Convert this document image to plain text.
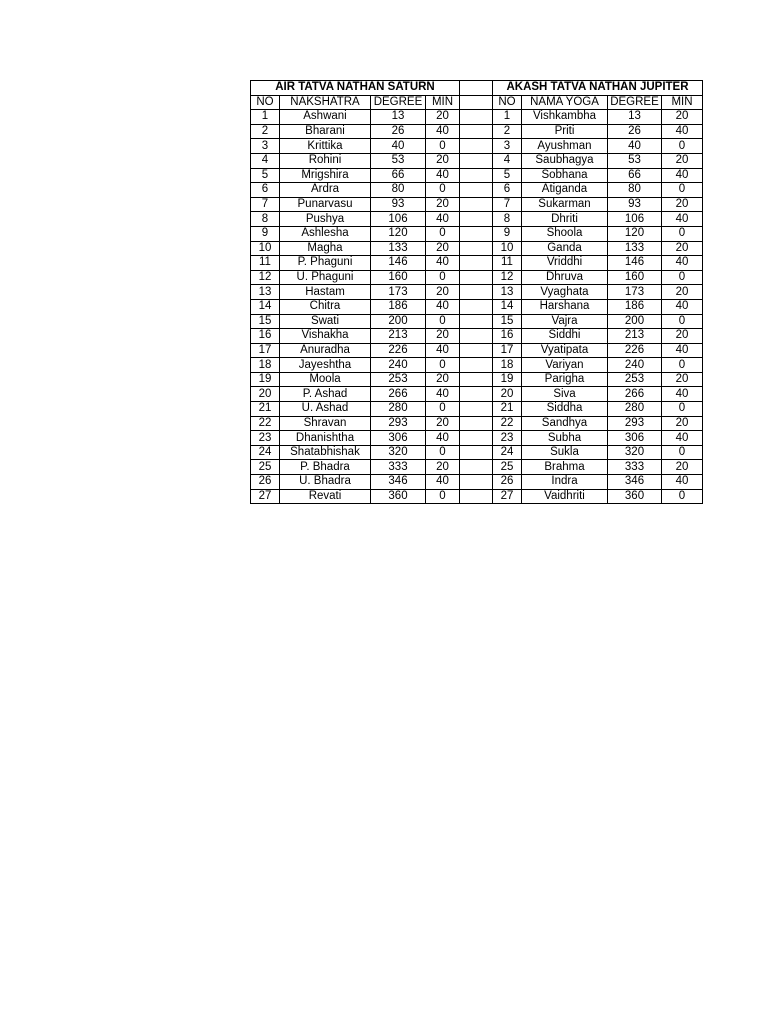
AIR TATVA NATHAN SATURN			
NO	NAKSHATRA	DEGREE	MIN
1	Ashwani	13	20
2	Bharani	26	40
3	Krittika	40	0
4	Rohini	53	20
5	Mrigshira	66	40
6	Ardra	80	0
7	Punarvasu	93	20
8	Pushya	106	40
9	Ashlesha	120	0
10	Magha	133	20
11	P. Phaguni	146	40
12	U. Phaguni	160	0
13	Hastam	173	20
14	Chitra	186	40
15	Swati	200	0
16	Vishakha	213	20
17	Anuradha	226	40
18	Jayeshtha	240	0
19	Moola	253	20
20	P. Ashad	266	40
21	U. Ashad	280	0
22	Shravan	293	20
23	Dhanishtha	306	40
24	Shatabhishak	320	0
25	P. Bhadra	333	20
26	U. Bhadra	346	40
27	Revati	360	0

AKASH TATVA NATHAN JUPITER			
NO	NAMA YOGA	DEGREE	MIN
1	Vishkambha	13	20
2	Priti	26	40
3	Ayushman	40	0
4	Saubhagya	53	20
5	Sobhana	66	40
6	Atiganda	80	0
7	Sukarman	93	20
8	Dhriti	106	40
9	Shoola	120	0
10	Ganda	133	20
11	Vriddhi	146	40
12	Dhruva	160	0
13	Vyaghata	173	20
14	Harshana	186	40
15	Vajra	200	0
16	Siddhi	213	20
17	Vyatipata	226	40
18	Variyan	240	0
19	Parigha	253	20
20	Siva	266	40
21	Siddha	280	0
22	Sandhya	293	20
23	Subha	306	40
24	Sukla	320	0
25	Brahma	333	20
26	Indra	346	40
27	Vaidhriti	360	0
